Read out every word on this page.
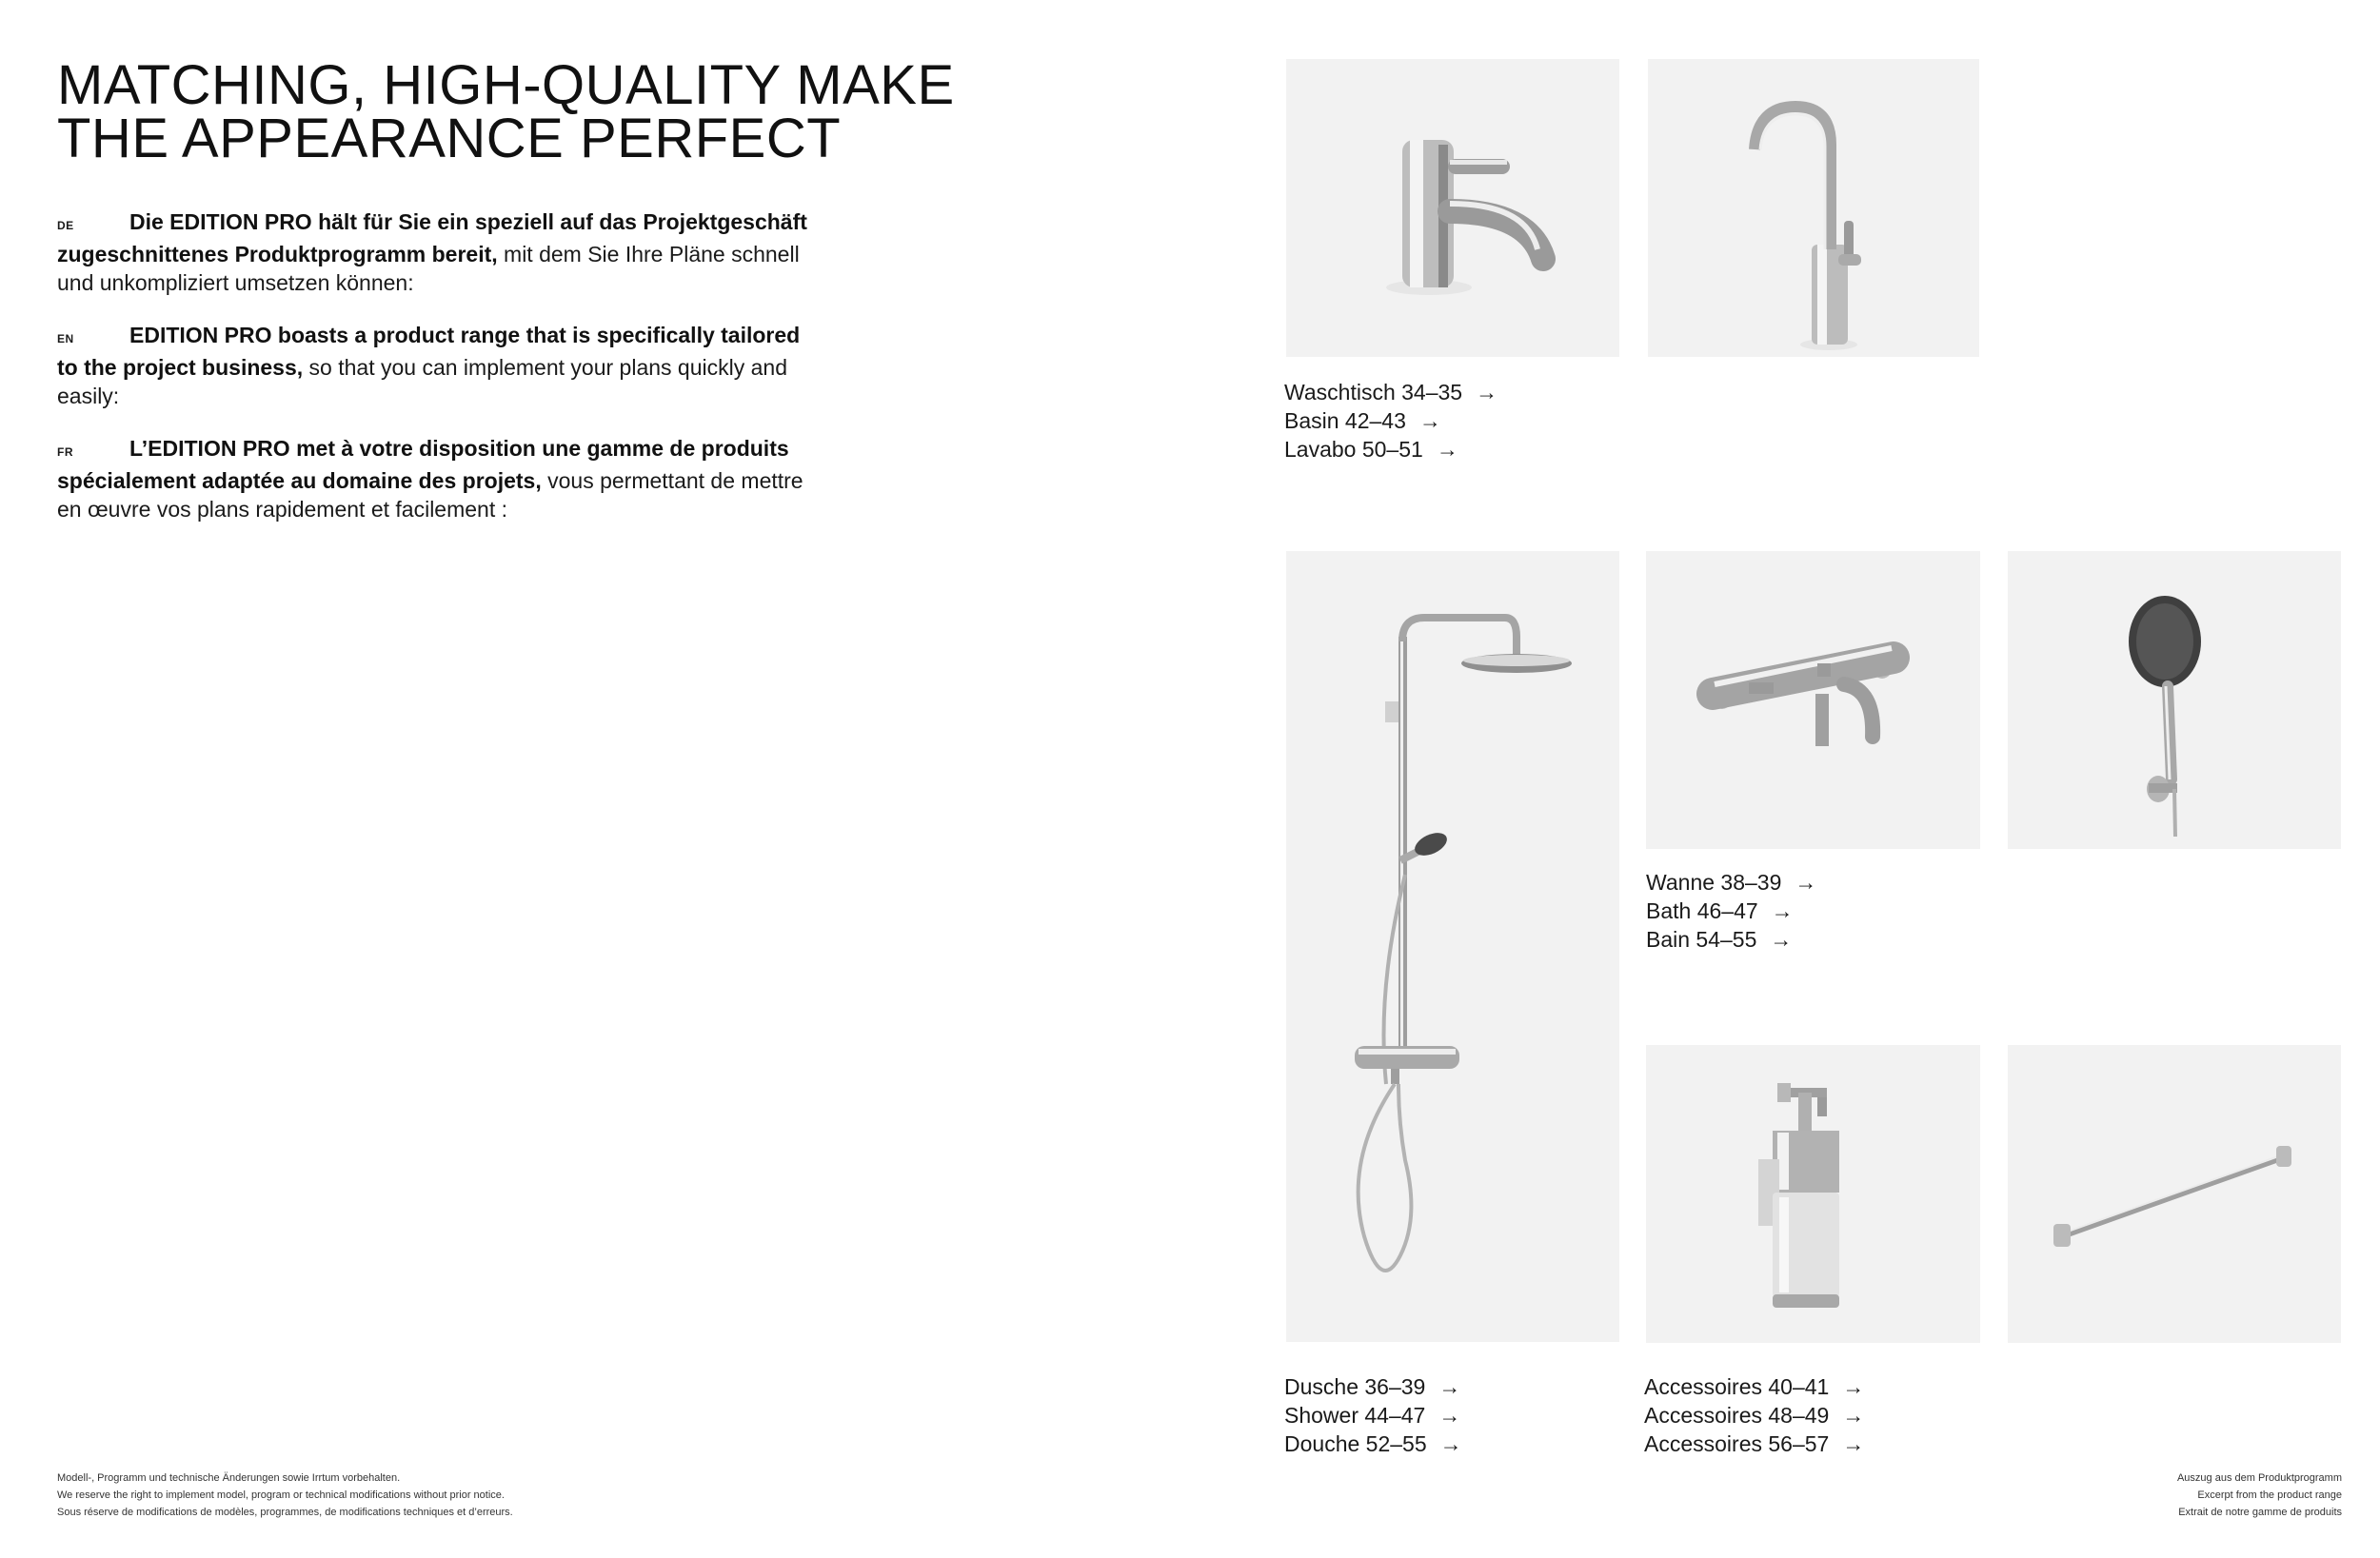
MATCHING, HIGH-QUALITY MAKE
THE APPEARANCE PERFECT
DE	Die EDITION PRO hält für Sie ein speziell auf das Projektgeschäft zugeschnittenes Produktprogramm bereit, mit dem Sie Ihre Pläne schnell und unkompliziert umsetzen können:
EN	EDITION PRO boasts a product range that is specifically tailored to the project business, so that you can implement your plans quickly and easily:
FR	L’EDITION PRO met à votre disposition une gamme de produits spécialement adaptée au domaine des projets, vous permettant de mettre en œuvre vos plans rapidement et facilement :
Waschtisch 34–35 →
Basin 42–43 →
Lavabo 50–51 →
Wanne 38–39 →
Bath 46–47 →
Bain 54–55 →
Dusche 36–39 →
Shower 44–47 →
Douche 52–55 →
Accessoires 40–41 →
Accessoires 48–49 →
Accessoires 56–57 →
Modell-, Programm und technische Änderungen sowie Irrtum vorbehalten.
We reserve the right to implement model, program or technical modifications without prior notice.
Sous réserve de modifications de modèles, programmes, de modifications techniques et d’erreurs.
Auszug aus dem Produktprogramm
Excerpt from the product range
Extrait de notre gamme de produits
